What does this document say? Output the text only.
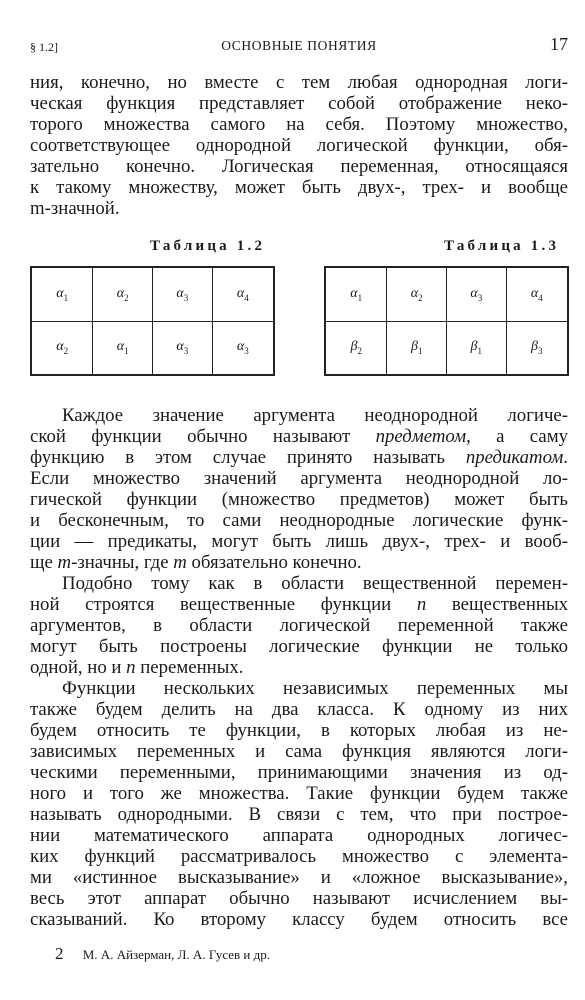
§ 1.2]	ОСНОВНЫЕ ПОНЯТИЯ	17
ния, конечно, но вместе с тем любая однородная логи-
ческая функция представляет собой отображение неко-
торого множества самого на себя. Поэтому множество,
соответствующее однородной логической функции, обя-
зательно конечно. Логическая переменная, относящаяся
к такому множеству, может быть двух-, трех- и вообще
m-значной.
Таблица 1.2	Таблица 1.3
$\alpha_1$	$\alpha_2$	$\alpha_3$	$\alpha_4$
$\alpha_2$	$\alpha_1$	$\alpha_3$	$\alpha_3$
$\alpha_1$	$\alpha_2$	$\alpha_3$	$\alpha_4$
$\beta_2$	$\beta_1$	$\beta_1$	$\beta_3$
Каждое значение аргумента неоднородной логиче-
ской функции обычно называют предметом, а саму
функцию в этом случае принято называть предикатом.
Если множество значений аргумента неоднородной ло-
гической функции (множество предметов) может быть
и бесконечным, то сами неоднородные логические функ-
ции — предикаты, могут быть лишь двух-, трех- и вооб-
ще m-значны, где m обязательно конечно.
Подобно тому как в области вещественной перемен-
ной строятся вещественные функции n вещественных
аргументов, в области логической переменной также
могут быть построены логические функции не только
одной, но и n переменных.
Функции нескольких независимых переменных мы
также будем делить на два класса. К одному из них
будем относить те функции, в которых любая из не-
зависимых переменных и сама функция являются логи-
ческими переменными, принимающими значения из од-
ного и того же множества. Такие функции будем также
называть однородными. В связи с тем, что при построе-
нии математического аппарата однородных логичес-
ких функций рассматривалось множество с элемента-
ми «истинное высказывание» и «ложное высказывание»,
весь этот аппарат обычно называют исчислением вы-
сказываний. Ко второму классу будем относить все
2 М. А. Айзерман, Л. А. Гусев и др.
